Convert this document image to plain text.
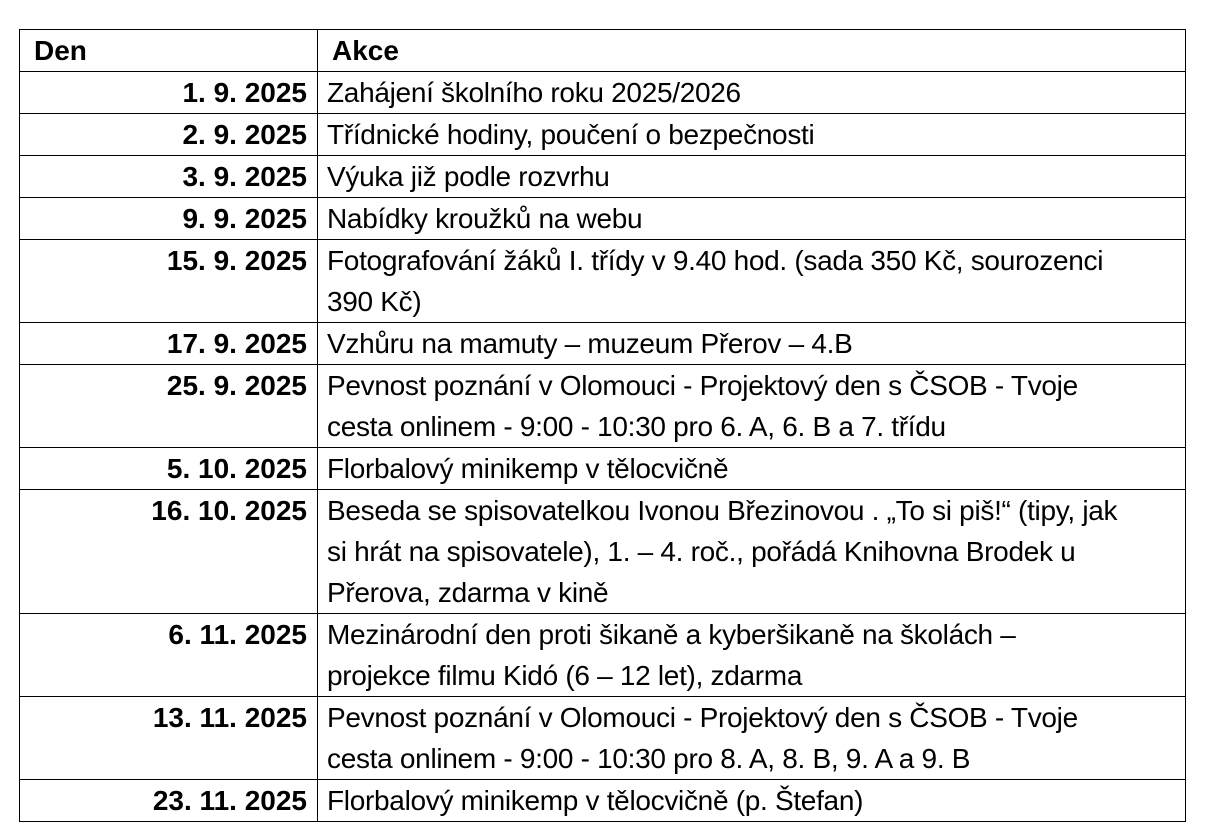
Den	Akce
1. 9. 2025	Zahájení školního roku 2025/2026

2. 9. 2025	Třídnické hodiny, poučení o bezpečnosti

3. 9. 2025	Výuka již podle rozvrhu

9. 9. 2025	Nabídky kroužků na webu

15. 9. 2025	Fotografování žáků I. třídy v 9.40 hod. (sada 350 Kč, sourozenci
390 Kč)

17. 9. 2025	Vzhůru na mamuty – muzeum Přerov – 4.B

25. 9. 2025	Pevnost poznání v Olomouci - Projektový den s ČSOB - Tvoje
cesta onlinem - 9:00 - 10:30 pro 6. A, 6. B a 7. třídu

5. 10. 2025	Florbalový minikemp v tělocvičně

16. 10. 2025	Beseda se spisovatelkou Ivonou Březinovou . „To si piš!“ (tipy, jak
si hrát na spisovatele), 1. – 4. roč., pořádá Knihovna Brodek u
Přerova, zdarma v kině

6. 11. 2025	Mezinárodní den proti šikaně a kyberšikaně na školách –
projekce filmu Kidó (6 – 12 let), zdarma

13. 11. 2025	Pevnost poznání v Olomouci - Projektový den s ČSOB - Tvoje
cesta onlinem - 9:00 - 10:30 pro 8. A, 8. B, 9. A a 9. B

23. 11. 2025	Florbalový minikemp v tělocvičně (p. Štefan)
